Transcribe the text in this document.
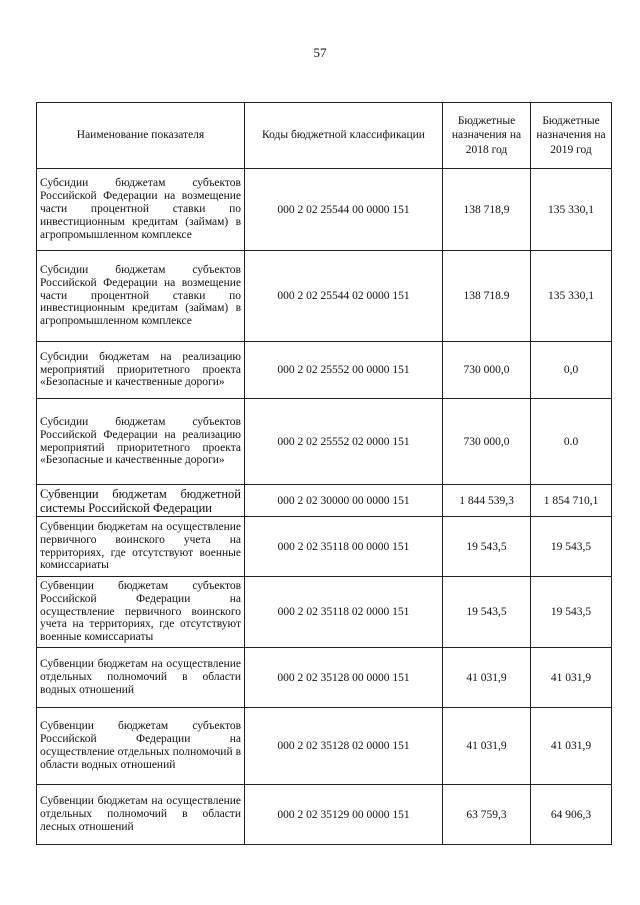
57
Наименование показателя	Коды бюджетной классификации	Бюджетные назначения на 2018 год	Бюджетные назначения на 2019 год
Субсидии бюджетам субъектов Российской Федерации на возмещение части процентной ставки по инвестиционным кредитам (займам) в агропромышленном комплексе	000 2 02 25544 00 0000 151	138 718,9	135 330,1
Субсидии бюджетам субъектов Российской Федерации на возмещение части процентной ставки по инвестиционным кредитам (займам) в агропромышленном комплексе	000 2 02 25544 02 0000 151	138 718.9	135 330,1
Субсидии бюджетам на реализацию мероприятий приоритетного проекта «Безопасные и качественные дороги»	000 2 02 25552 00 0000 151	730 000,0	0,0
Субсидии бюджетам субъектов Российской Федерации на реализацию мероприятий приоритетного проекта «Безопасные и качественные дороги»	000 2 02 25552 02 0000 151	730 000,0	0.0
Субвенции бюджетам бюджетной системы Российской Федерации	000 2 02 30000 00 0000 151	1 844 539,3	1 854 710,1
Субвенции бюджетам на осуществление первичного воинского учета на территориях, где отсутствуют военные комиссариаты	000 2 02 35118 00 0000 151	19 543,5	19 543,5
Субвенции бюджетам субъектов Российской Федерации на осуществление первичного воинского учета на территориях, где отсутствуют военные комиссариаты	000 2 02 35118 02 0000 151	19 543,5	19 543,5
Субвенции бюджетам на осуществление отдельных полномочий в области водных отношений	000 2 02 35128 00 0000 151	41 031,9	41 031,9
Субвенции бюджетам субъектов Российской Федерации на осуществление отдельных полномочий в области водных отношений	000 2 02 35128 02 0000 151	41 031,9	41 031,9
Субвенции бюджетам на осуществление отдельных полномочий в области лесных отношений	000 2 02 35129 00 0000 151	63 759,3	64 906,3
